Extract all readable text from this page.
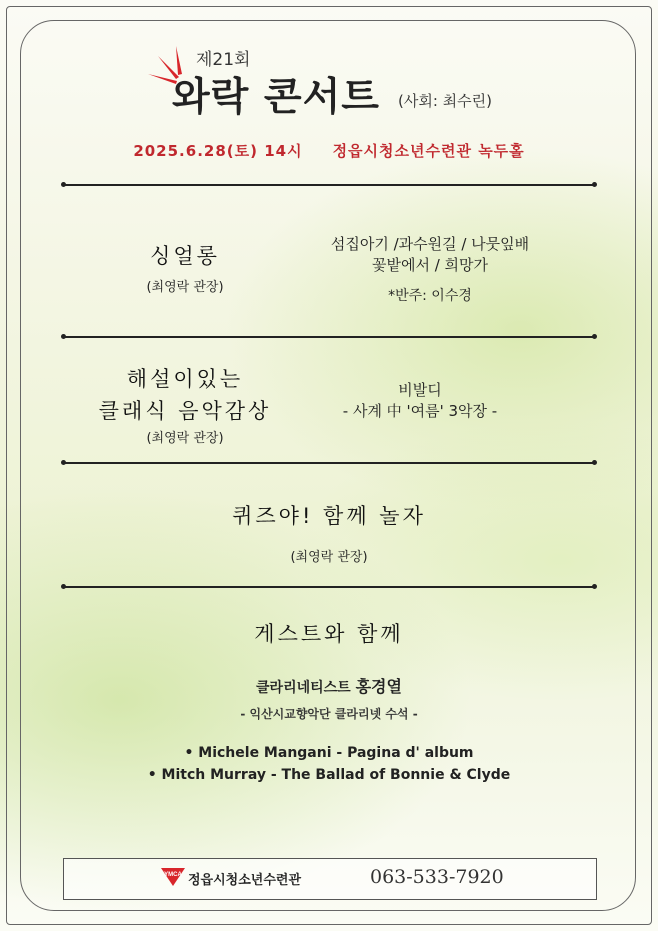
제21회
와락 콘서트 (사회: 최수린)
2025.6.28(토) 14시 정읍시청소년수련관 녹두홀
싱얼롱
(최영락 관장)
섬집아기 /과수원길 / 나뭇잎배
꽃밭에서 / 희망가
*반주: 이수경
해설이있는
클래식 음악감상
(최영락 관장)
비발디
- 사계 中 '여름' 3악장 -
퀴즈야! 함께 놀자
(최영락 관장)
게스트와 함께
클라리네티스트 홍경열
- 익산시교향악단 클라리넷 수석 -
• Michele Mangani - Pagina d' album
• Mitch Murray - The Ballad of Bonnie & Clyde
YMCA 정읍시청소년수련관	063-533-7920
